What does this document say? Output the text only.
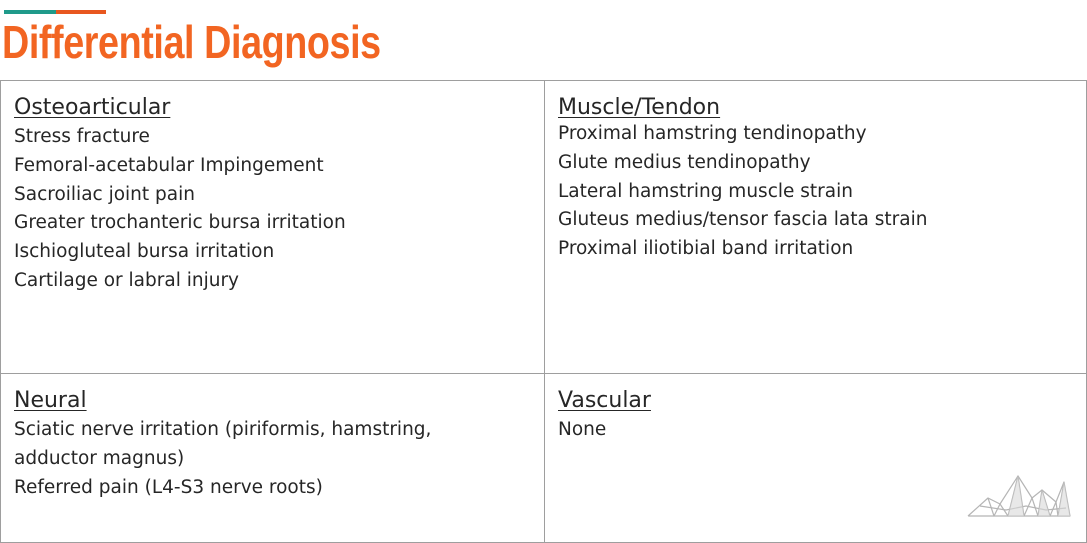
Differential Diagnosis
Osteoarticular
Stress fracture
Femoral-acetabular Impingement
Sacroiliac joint pain
Greater trochanteric bursa irritation
Ischiogluteal bursa irritation
Cartilage or labral injury
Muscle/Tendon
Proximal hamstring tendinopathy
Glute medius tendinopathy
Lateral hamstring muscle strain
Gluteus medius/tensor fascia lata strain
Proximal iliotibial band irritation
Neural
Sciatic nerve irritation (piriformis, hamstring,
adductor magnus)
Referred pain (L4-S3 nerve roots)
Vascular
None
